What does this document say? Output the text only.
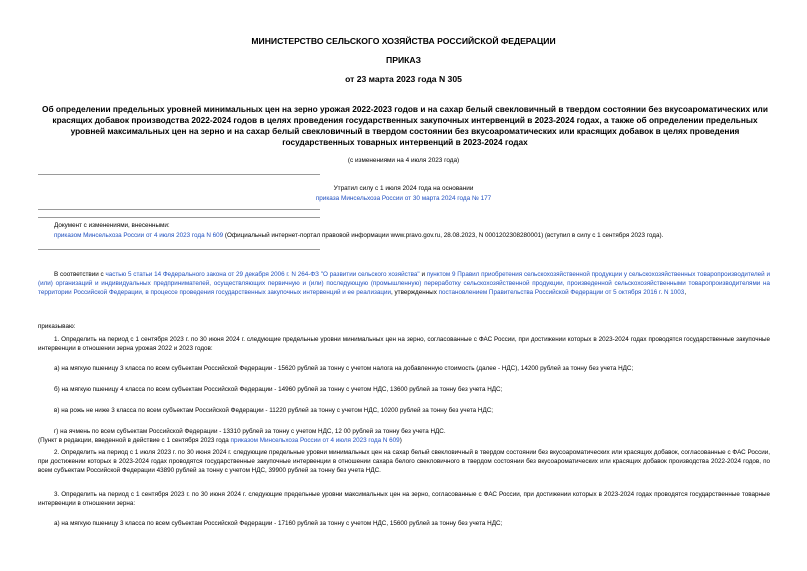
МИНИСТЕРСТВО СЕЛЬСКОГО ХОЗЯЙСТВА РОССИЙСКОЙ ФЕДЕРАЦИИ

ПРИКАЗ

от 23 марта 2023 года N 305

Об определении предельных уровней минимальных цен на зерно урожая 2022-2023 годов и на сахар белый свекловичный в твердом состоянии без вкусоароматических или красящих добавок производства 2022-2024 годов в целях проведения государственных закупочных интервенций в 2023-2024 годах, а также об определении предельных уровней максимальных цен на зерно и на сахар белый свекловичный в твердом состоянии без вкусоароматических или красящих добавок в целях проведения государственных товарных интервенций в 2023-2024 годах

(с изменениями на 4 июля 2023 года)

Утратил силу с 1 июля 2024 года на основании

приказа Минсельхоза России от 30 марта 2024 года № 177

Документ с изменениями, внесенными:

приказом Минсельхоза России от 4 июля 2023 года N 609 (Официальный интернет-портал правовой информации www.pravo.gov.ru, 28.08.2023, N 0001202308280001) (вступил в силу с 1 сентября 2023 года).

В соответствии с частью 5 статьи 14 Федерального закона от 29 декабря 2006 г. N 264-ФЗ "О развитии сельского хозяйства" и пунктом 9 Правил приобретения сельскохозяйственной продукции у сельскохозяйственных товаропроизводителей и (или) организаций и индивидуальных предпринимателей, осуществляющих первичную и (или) последующую (промышленную) переработку сельскохозяйственной продукции, произведенной сельскохозяйственными товаропроизводителями на территории Российской Федерации, в процессе проведения государственных закупочных интервенций и ее реализации, утвержденных постановлением Правительства Российской Федерации от 5 октября 2016 г. N 1003,

приказываю:

1. Определить на период с 1 сентября 2023 г. по 30 июня 2024 г. следующие предельные уровни минимальных цен на зерно, согласованные с ФАС России, при достижении которых в 2023-2024 годах проводятся государственные закупочные интервенции в отношении зерна урожая 2022 и 2023 годов:

а) на мягкую пшеницу 3 класса по всем субъектам Российской Федерации - 15620 рублей за тонну с учетом налога на добавленную стоимость (далее - НДС), 14200 рублей за тонну без учета НДС;

б) на мягкую пшеницу 4 класса по всем субъектам Российской Федерации - 14960 рублей за тонну с учетом НДС, 13600 рублей за тонну без учета НДС;

в) на рожь не ниже 3 класса по всем субъектам Российской Федерации - 11220 рублей за тонну с учетом НДС, 10200 рублей за тонну без учета НДС;

г) на ячмень по всем субъектам Российской Федерации - 13310 рублей за тонну с учетом НДС, 12 00 рублей за тонну без учета НДС.

(Пункт в редакции, введенной в действие с 1 сентября 2023 года приказом Минсельхоза России от 4 июля 2023 года N 609)

2. Определить на период с 1 июля 2023 г. по 30 июня 2024 г. следующие предельные уровни минимальных цен на сахар белый свекловичный в твердом состоянии без вкусоароматических или красящих добавок, согласованные с ФАС России, при достижении которых в 2023-2024 годах проводятся государственные закупочные интервенции в отношении сахара белого свекловичного в твердом состоянии без вкусоароматических или красящих добавок производства 2022-2024 годов, по всем субъектам Российской Федерации 43890 рублей за тонну с учетом НДС, 39900 рублей за тонну без учета НДС.

3. Определить на период с 1 сентября 2023 г. по 30 июня 2024 г. следующие предельные уровни максимальных цен на зерно, согласованные с ФАС России, при достижении которых в 2023-2024 годах проводятся государственные товарные интервенции в отношении зерна:

а) на мягкую пшеницу 3 класса по всем субъектам Российской Федерации - 17160 рублей за тонну с учетом НДС, 15600 рублей за тонну без учета НДС;
